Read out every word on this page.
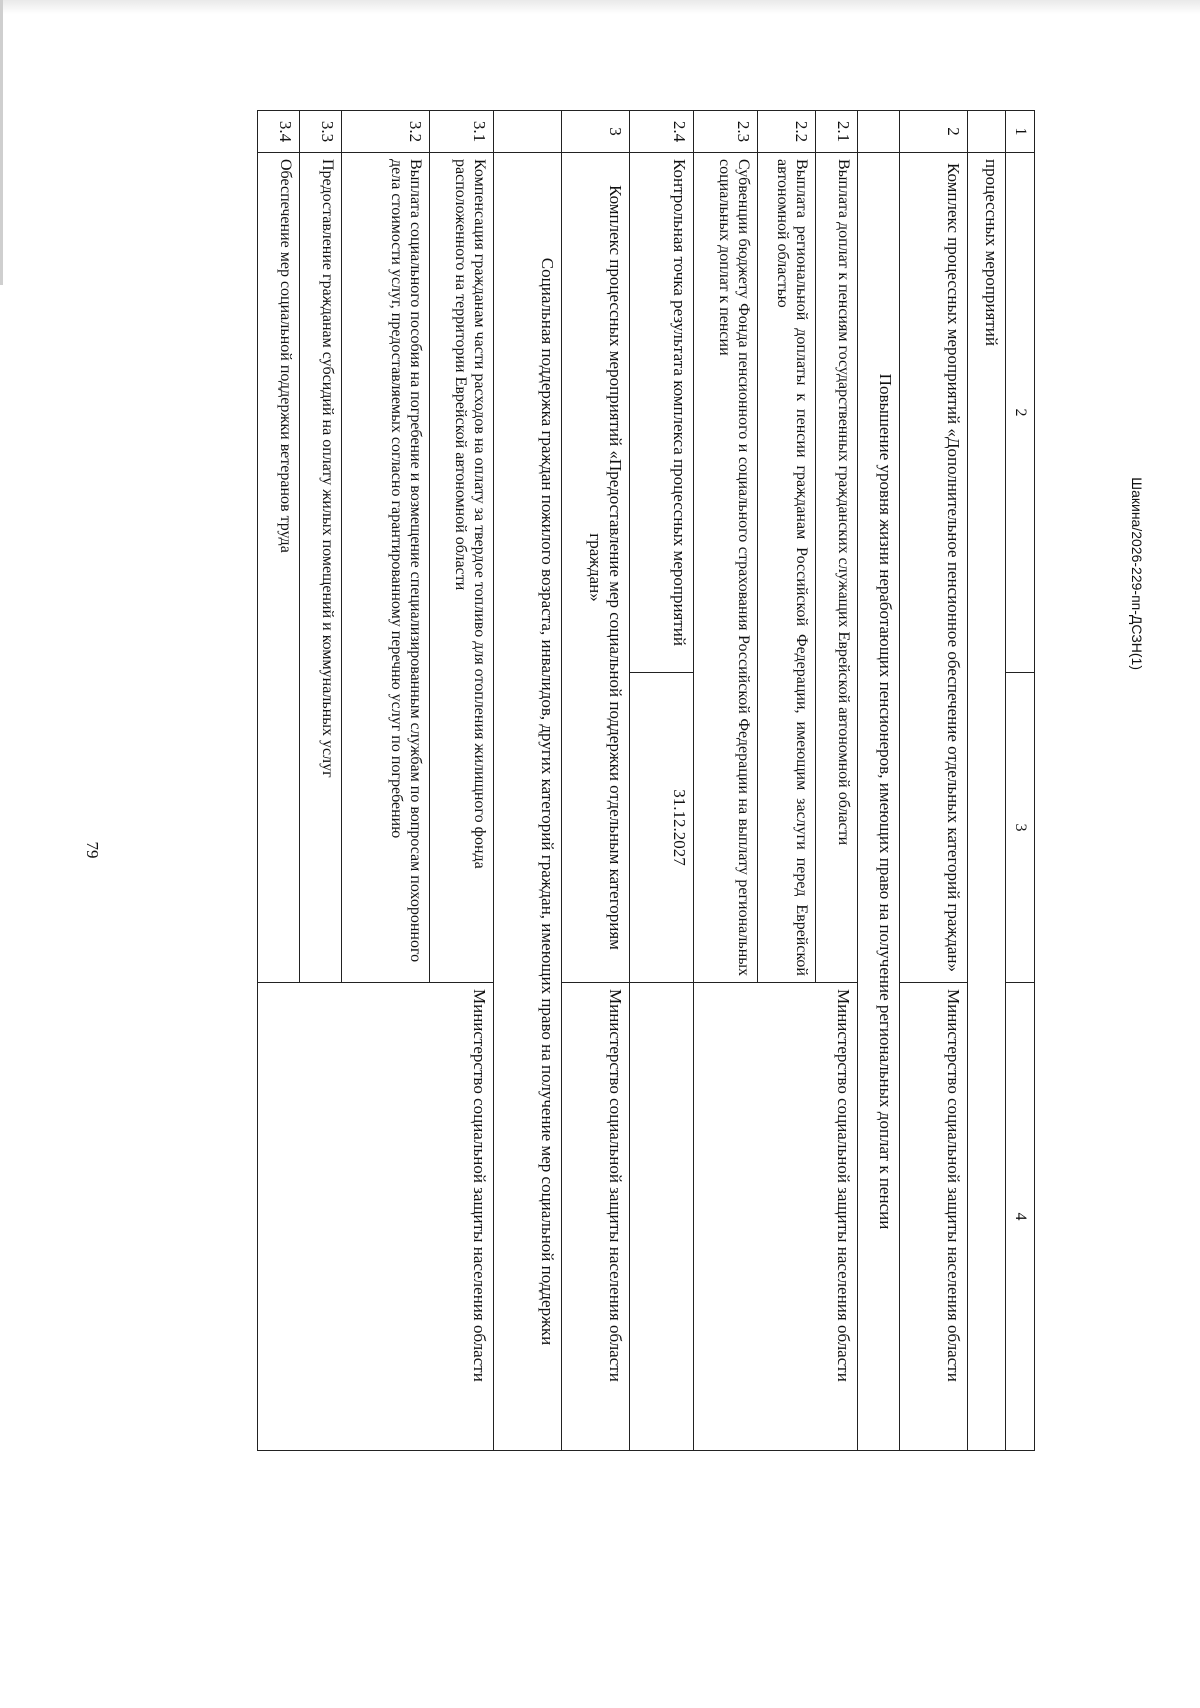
79
Шакина/2026-229-пп-ДСЗН(1)
1	2	3	4
	процессных мероприятий		
2	Комплекс процессных мероприятий «Дополнительное пенсионное обеспечение отдельных категорий граждан»		Министерство социальной защиты населения области
	Повышение уровня жизни неработающих пенсионеров, имеющих право на получение региональных доплат к пенсии		
2.1	Выплата доплат к пенсиям государственных гражданских служащих Еврейской автономной области		Министерство социальной защиты населения области
2.2	Выплата региональной доплаты к пенсии гражданам Российской Федерации, имеющим заслуги перед Еврейской автономной областью		
2.3	Субвенции бюджету Фонда пенсионного и социального страхования Российской Федерации на выплату региональных социальных доплат к пенсии		
2.4	Контрольная точка результата комплекса процессных мероприятий	31.12.2027	
3	Комплекс процессных мероприятий «Предоставление мер социальной поддержки отдельным категориям граждан»		Министерство социальной защиты населения области
	Социальная поддержка граждан пожилого возраста, инвалидов, других категорий граждан, имеющих право на получение мер социальной поддержки		
3.1	Компенсация гражданам части расходов на оплату за твердое топливо для отопления жилищного фонда расположенного на территории Еврейской автономной области		Министерство социальной защиты населения области
3.2	Выплата социального пособия на погребение и возмещение специализированным службам по вопросам похоронного дела стоимости услуг, предоставляемых согласно гарантированному перечню услуг по погребению		
3.3	Предоставление гражданам субсидий на оплату жилых помещений и коммунальных услуг		
3.4	Обеспечение мер социальной поддержки ветеранов труда		
